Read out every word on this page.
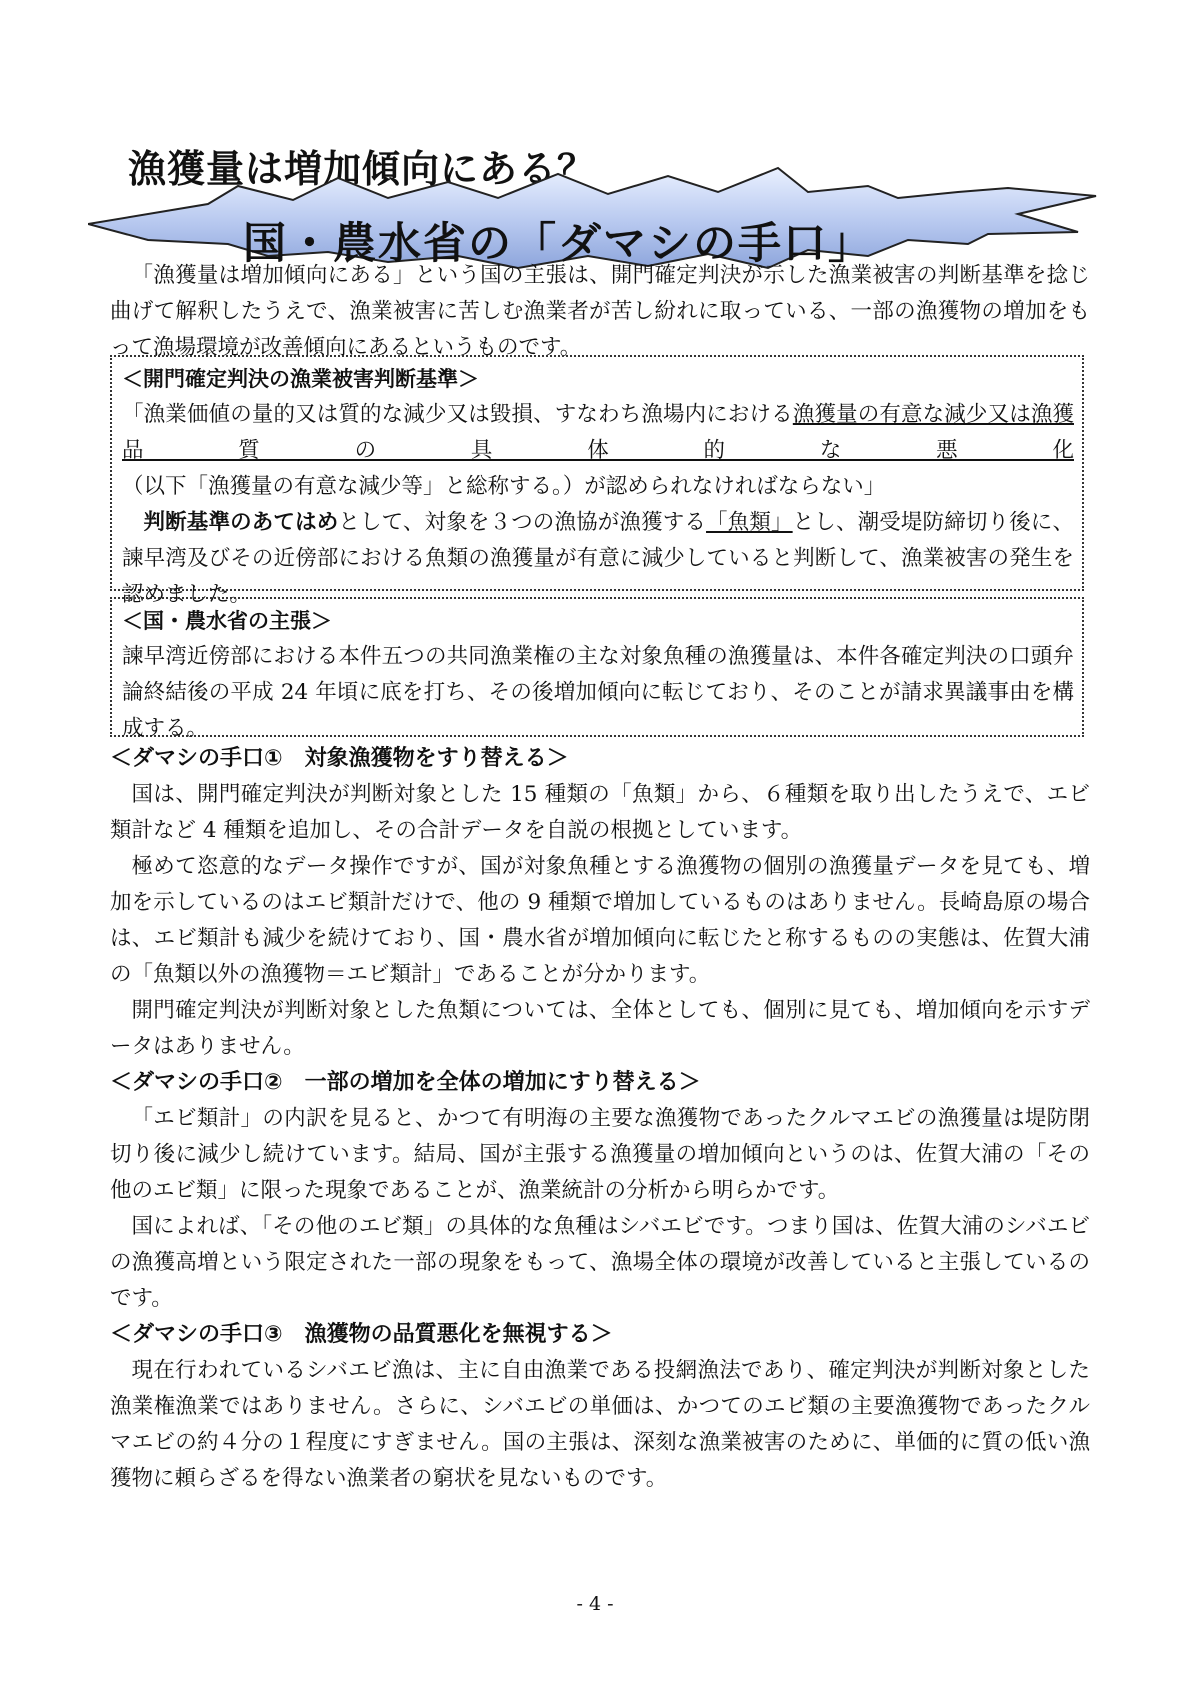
漁獲量は増加傾向にある？
国・農水省の「ダマシの手口」

「漁獲量は増加傾向にある」という国の主張は、開門確定判決が示した漁業被害の判断基準を捻じ曲げて解釈したうえで、漁業被害に苦しむ漁業者が苦し紛れに取っている、一部の漁獲物の増加をもって漁場環境が改善傾向にあるというものです。

＜開門確定判決の漁業被害判断基準＞

「漁業価値の量的又は質的な減少又は毀損、すなわち漁場内における漁獲量の有意な減少又は漁獲品質の具体的な悪化（以下「漁獲量の有意な減少等」と総称する。）が認められなければならない」

判断基準のあてはめとして、対象を３つの漁協が漁獲する「魚類」とし、潮受堤防締切り後に、諫早湾及びその近傍部における魚類の漁獲量が有意に減少していると判断して、漁業被害の発生を認めました。

＜国・農水省の主張＞

諫早湾近傍部における本件五つの共同漁業権の主な対象魚種の漁獲量は、本件各確定判決の口頭弁論終結後の平成 24 年頃に底を打ち、その後増加傾向に転じており、そのことが請求異議事由を構成する。

＜ダマシの手口①　対象漁獲物をすり替える＞

国は、開門確定判決が判断対象とした 15 種類の「魚類」から、６種類を取り出したうえで、エビ類計など 4 種類を追加し、その合計データを自説の根拠としています。

極めて恣意的なデータ操作ですが、国が対象魚種とする漁獲物の個別の漁獲量データを見ても、増加を示しているのはエビ類計だけで、他の 9 種類で増加しているものはありません。長崎島原の場合は、エビ類計も減少を続けており、国・農水省が増加傾向に転じたと称するものの実態は、佐賀大浦の「魚類以外の漁獲物＝エビ類計」であることが分かります。

開門確定判決が判断対象とした魚類については、全体としても、個別に見ても、増加傾向を示すデータはありません。

＜ダマシの手口②　一部の増加を全体の増加にすり替える＞

「エビ類計」の内訳を見ると、かつて有明海の主要な漁獲物であったクルマエビの漁獲量は堤防閉切り後に減少し続けています。結局、国が主張する漁獲量の増加傾向というのは、佐賀大浦の「その他のエビ類」に限った現象であることが、漁業統計の分析から明らかです。

国によれば、「その他のエビ類」の具体的な魚種はシバエビです。つまり国は、佐賀大浦のシバエビの漁獲高増という限定された一部の現象をもって、漁場全体の環境が改善していると主張しているのです。

＜ダマシの手口③　漁獲物の品質悪化を無視する＞

現在行われているシバエビ漁は、主に自由漁業である投網漁法であり、確定判決が判断対象とした漁業権漁業ではありません。さらに、シバエビの単価は、かつてのエビ類の主要漁獲物であったクルマエビの約４分の１程度にすぎません。国の主張は、深刻な漁業被害のために、単価的に質の低い漁獲物に頼らざるを得ない漁業者の窮状を見ないものです。

- 4 -
